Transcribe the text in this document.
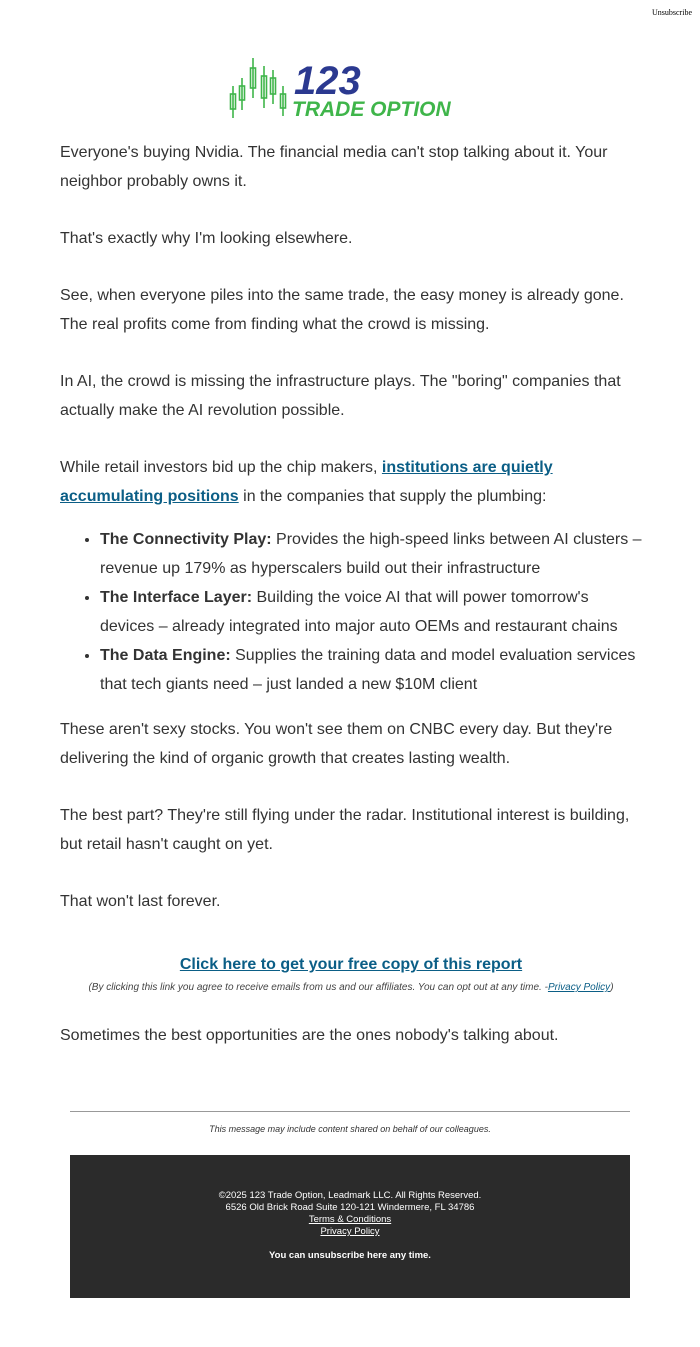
Unsubscribe
123
TRADE OPTION

Everyone's buying Nvidia. The financial media can't stop talking about it. Your neighbor probably owns it.

That's exactly why I'm looking elsewhere.

See, when everyone piles into the same trade, the easy money is already gone. The real profits come from finding what the crowd is missing.

In AI, the crowd is missing the infrastructure plays. The "boring" companies that actually make the AI revolution possible.

While retail investors bid up the chip makers, institutions are quietly accumulating positions in the companies that supply the plumbing:

• The Connectivity Play: Provides the high-speed links between AI clusters – revenue up 179% as hyperscalers build out their infrastructure
• The Interface Layer: Building the voice AI that will power tomorrow's devices – already integrated into major auto OEMs and restaurant chains
• The Data Engine: Supplies the training data and model evaluation services that tech giants need – just landed a new $10M client

These aren't sexy stocks. You won't see them on CNBC every day. But they're delivering the kind of organic growth that creates lasting wealth.

The best part? They're still flying under the radar. Institutional interest is building, but retail hasn't caught on yet.

That won't last forever.

Click here to get your free copy of this report
(By clicking this link you agree to receive emails from us and our affiliates. You can opt out at any time. -Privacy Policy)

Sometimes the best opportunities are the ones nobody's talking about.

This message may include content shared on behalf of our colleagues.
©2025 123 Trade Option, Leadmark LLC. All Rights Reserved.
6526 Old Brick Road Suite 120-121 Windermere, FL 34786
Terms & Conditions
Privacy Policy
You can unsubscribe here any time.
